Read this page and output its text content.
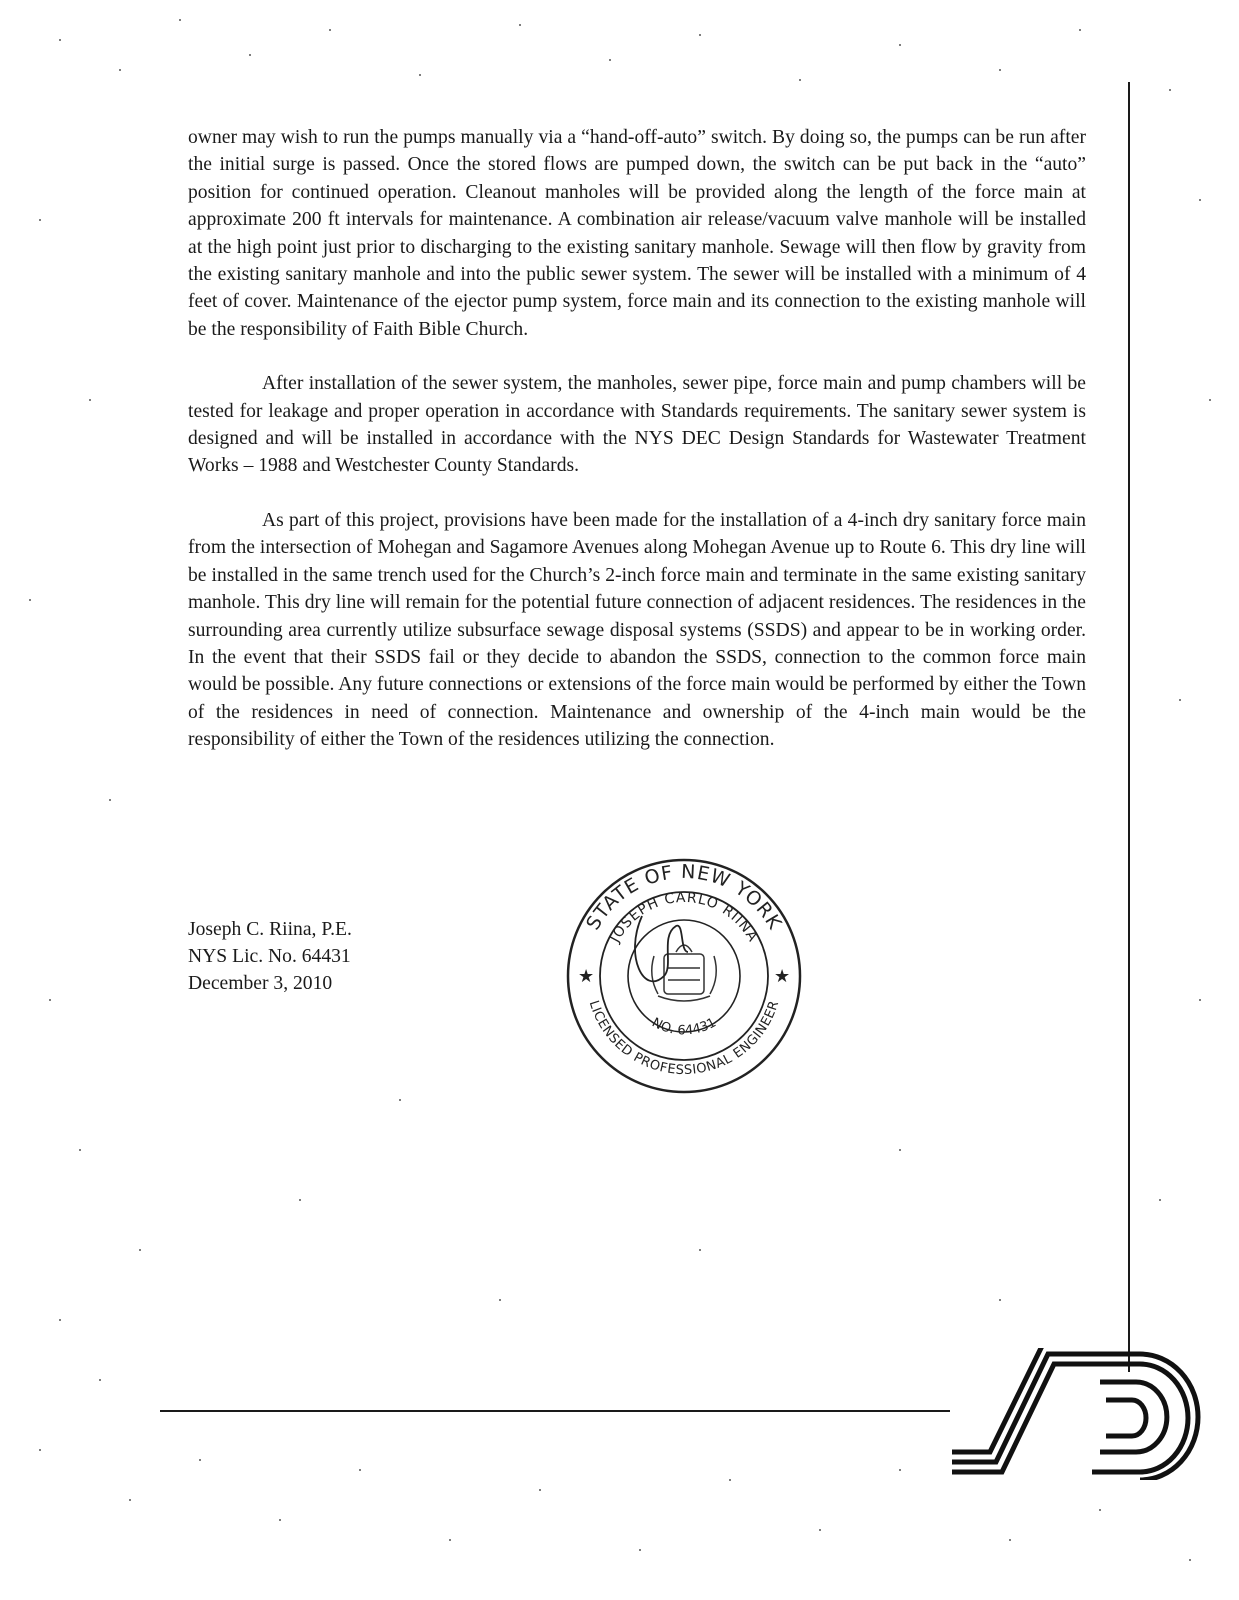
owner may wish to run the pumps manually via a “hand-off-auto” switch. By doing so, the pumps can be run after the initial surge is passed. Once the stored flows are pumped down, the switch can be put back in the “auto” position for continued operation. Cleanout manholes will be provided along the length of the force main at approximate 200 ft intervals for maintenance. A combination air release/vacuum valve manhole will be installed at the high point just prior to discharging to the existing sanitary manhole. Sewage will then flow by gravity from the existing sanitary manhole and into the public sewer system. The sewer will be installed with a minimum of 4 feet of cover. Maintenance of the ejector pump system, force main and its connection to the existing manhole will be the responsibility of Faith Bible Church.

After installation of the sewer system, the manholes, sewer pipe, force main and pump chambers will be tested for leakage and proper operation in accordance with Standards requirements. The sanitary sewer system is designed and will be installed in accordance with the NYS DEC Design Standards for Wastewater Treatment Works – 1988 and Westchester County Standards.

As part of this project, provisions have been made for the installation of a 4-inch dry sanitary force main from the intersection of Mohegan and Sagamore Avenues along Mohegan Avenue up to Route 6. This dry line will be installed in the same trench used for the Church’s 2-inch force main and terminate in the same existing sanitary manhole. This dry line will remain for the potential future connection of adjacent residences. The residences in the surrounding area currently utilize subsurface sewage disposal systems (SSDS) and appear to be in working order. In the event that their SSDS fail or they decide to abandon the SSDS, connection to the common force main would be possible. Any future connections or extensions of the force main would be performed by either the Town of the residences in need of connection. Maintenance and ownership of the 4-inch main would be the responsibility of either the Town of the residences utilizing the connection.

Joseph C. Riina, P.E.
NYS Lic. No. 64431
December 3, 2010
STATE OF NEW YORK
JOSEPH CARLO RIINA
LICENSED PROFESSIONAL ENGINEER
NO. 64431
★	★
